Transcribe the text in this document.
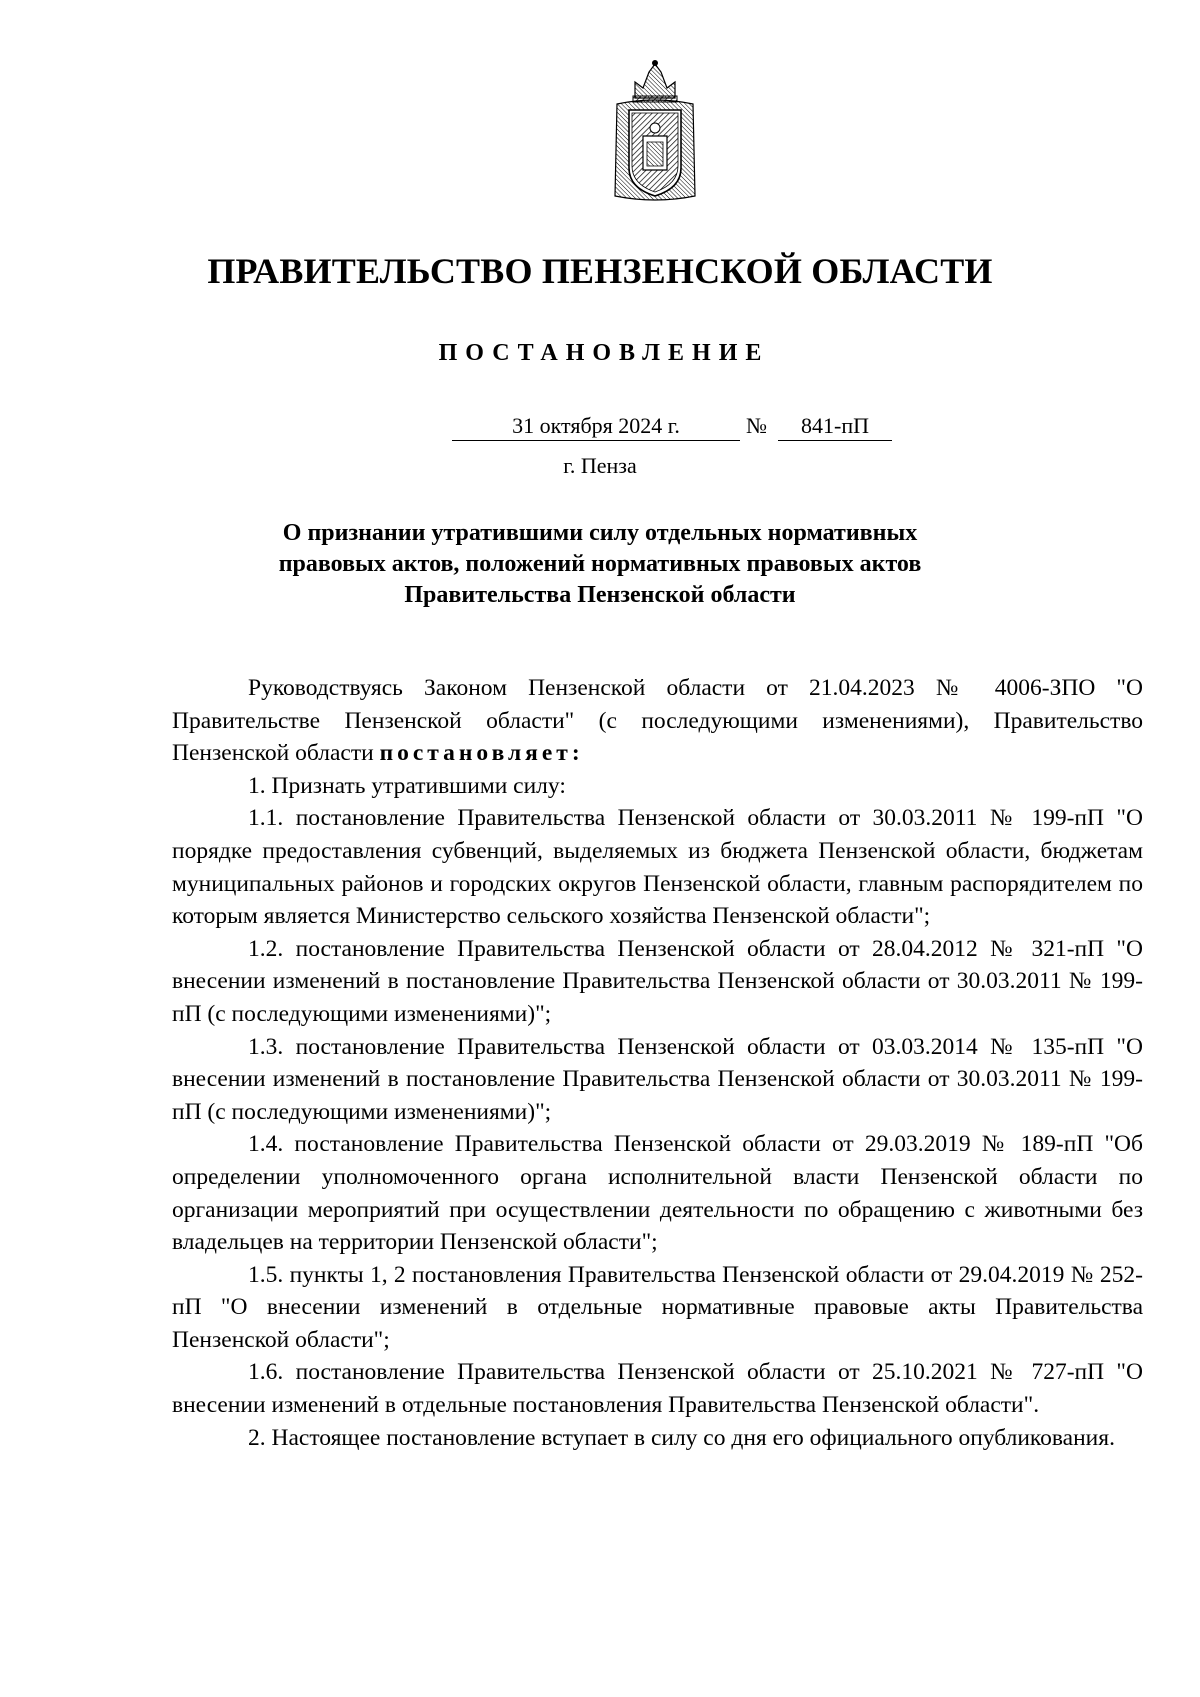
ПРАВИТЕЛЬСТВО ПЕНЗЕНСКОЙ ОБЛАСТИ
ПОСТАНОВЛЕНИЕ
31 октября 2024 г.	№	841-пП
г. Пенза
О признании утратившими силу отдельных нормативных
правовых актов, положений нормативных правовых актов
Правительства Пензенской области

Руководствуясь Законом Пензенской области от 21.04.2023 № 4006-ЗПО "О Правительстве Пензенской области" (с последующими изменениями), Правительство Пензенской области постановляет:

1. Признать утратившими силу:

1.1. постановление Правительства Пензенской области от 30.03.2011 № 199-пП "О порядке предоставления субвенций, выделяемых из бюджета Пензенской области, бюджетам муниципальных районов и городских округов Пензенской области, главным распорядителем по которым является Министерство сельского хозяйства Пензенской области";

1.2. постановление Правительства Пензенской области от 28.04.2012 № 321-пП "О внесении изменений в постановление Правительства Пензенской области от 30.03.2011 № 199-пП (с последующими изменениями)";

1.3. постановление Правительства Пензенской области от 03.03.2014 № 135-пП "О внесении изменений в постановление Правительства Пензенской области от 30.03.2011 № 199-пП (с последующими изменениями)";

1.4. постановление Правительства Пензенской области от 29.03.2019 № 189-пП "Об определении уполномоченного органа исполнительной власти Пензенской области по организации мероприятий при осуществлении деятельности по обращению с животными без владельцев на территории Пензенской области";

1.5. пункты 1, 2 постановления Правительства Пензенской области от 29.04.2019 № 252-пП "О внесении изменений в отдельные нормативные правовые акты Правительства Пензенской области";

1.6. постановление Правительства Пензенской области от 25.10.2021 № 727-пП "О внесении изменений в отдельные постановления Правительства Пензенской области".

2. Настоящее постановление вступает в силу со дня его официального опубликования.
